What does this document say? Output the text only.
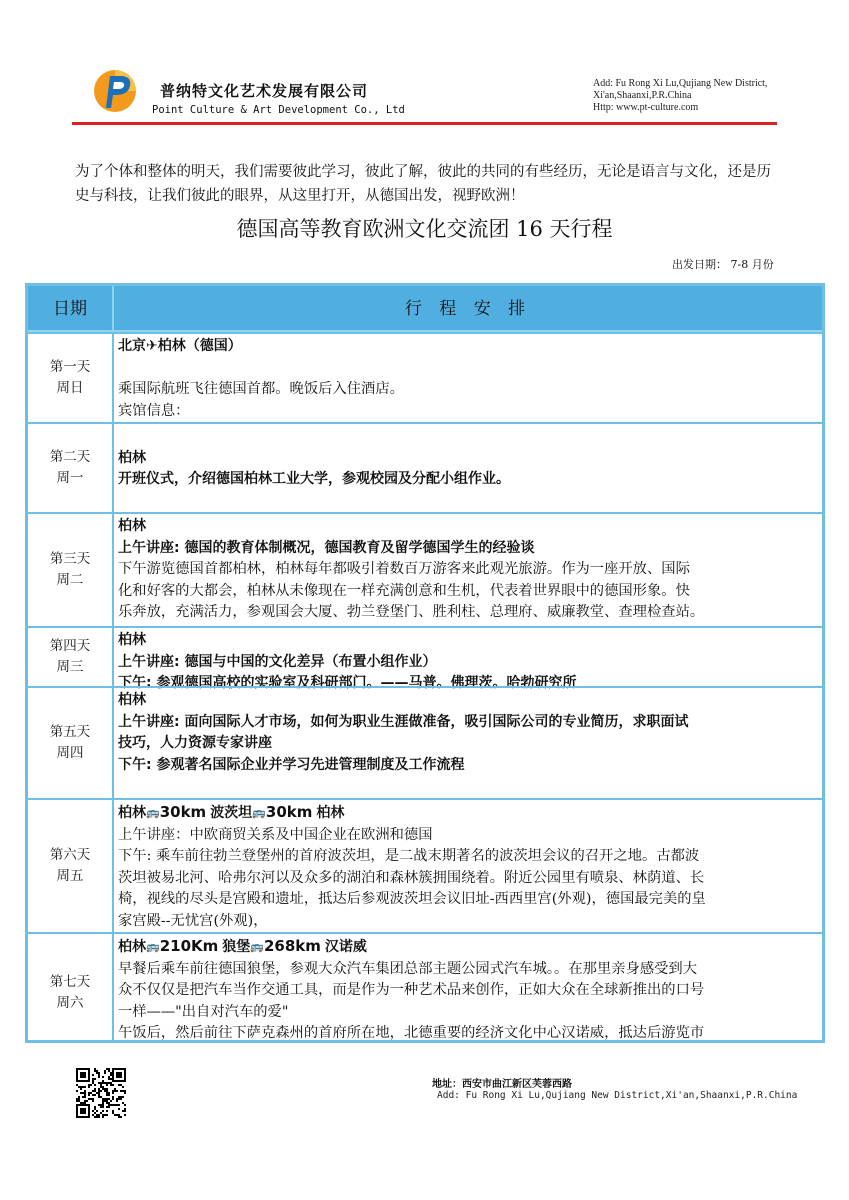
普纳特文化艺术发展有限公司
Point Culture & Art Development Co., Ltd
Add: Fu Rong Xi Lu,Qujiang New District,
Xi'an,Shaanxi,P.R.China
Http: www.pt-culture.com
为了个体和整体的明天，我们需要彼此学习，彼此了解，彼此的共同的有些经历，无论是语言与文化，还是历史与科技，让我们彼此的眼界，从这里打开，从德国出发，视野欧洲！
德国高等教育欧洲文化交流团 16 天行程
出发日期： 7-8 月份
日期	行 程 安 排
第一天
周日
北京✈柏林（德国）
乘国际航班飞往德国首都。晚饭后入住酒店。
宾馆信息：
第二天
周一
柏林
开班仪式，介绍德国柏林工业大学，参观校园及分配小组作业。
第三天
周二
柏林
上午讲座: 德国的教育体制概况，德国教育及留学德国学生的经验谈
下午游览德国首都柏林，柏林每年都吸引着数百万游客来此观光旅游。作为一座开放、国际
化和好客的大都会，柏林从未像现在一样充满创意和生机，代表着世界眼中的德国形象。快
乐奔放，充满活力，参观国会大厦、勃兰登堡门、胜利柱、总理府、威廉教堂、查理检查站。
第四天
周三
柏林
上午讲座: 德国与中国的文化差异（布置小组作业）
下午: 参观德国高校的实验室及科研部门。——马普。佛理茨。哈勃研究所
第五天
周四
柏林
上午讲座: 面向国际人才市场，如何为职业生涯做准备，吸引国际公司的专业简历，求职面试
技巧，人力资源专家讲座
下午: 参观著名国际企业并学习先进管理制度及工作流程
第六天
周五
柏林🚌30km 波茨坦🚌30km 柏林
上午讲座：中欧商贸关系及中国企业在欧洲和德国
下午: 乘车前往勃兰登堡州的首府波茨坦，是二战末期著名的波茨坦会议的召开之地。古都波
茨坦被易北河、哈弗尔河以及众多的湖泊和森林簇拥围绕着。附近公园里有喷泉、林荫道、长
椅，视线的尽头是宫殿和遗址，抵达后参观波茨坦会议旧址-西西里宫(外观)，德国最完美的皇
家宫殿--无忧宫(外观)，
第七天
周六
柏林🚌210Km 狼堡🚌268km 汉诺威
早餐后乘车前往德国狼堡，参观大众汽车集团总部主题公园式汽车城。。在那里亲身感受到大
众不仅仅是把汽车当作交通工具，而是作为一种艺术品来创作，正如大众在全球新推出的口号
一样——"出自对汽车的爱"
午饭后，然后前往下萨克森州的首府所在地，北德重要的经济文化中心汉诺威，抵达后游览市
地址：西安市曲江新区芙蓉西路
Add: Fu Rong Xi Lu,Qujiang New District,Xi'an,Shaanxi,P.R.China
